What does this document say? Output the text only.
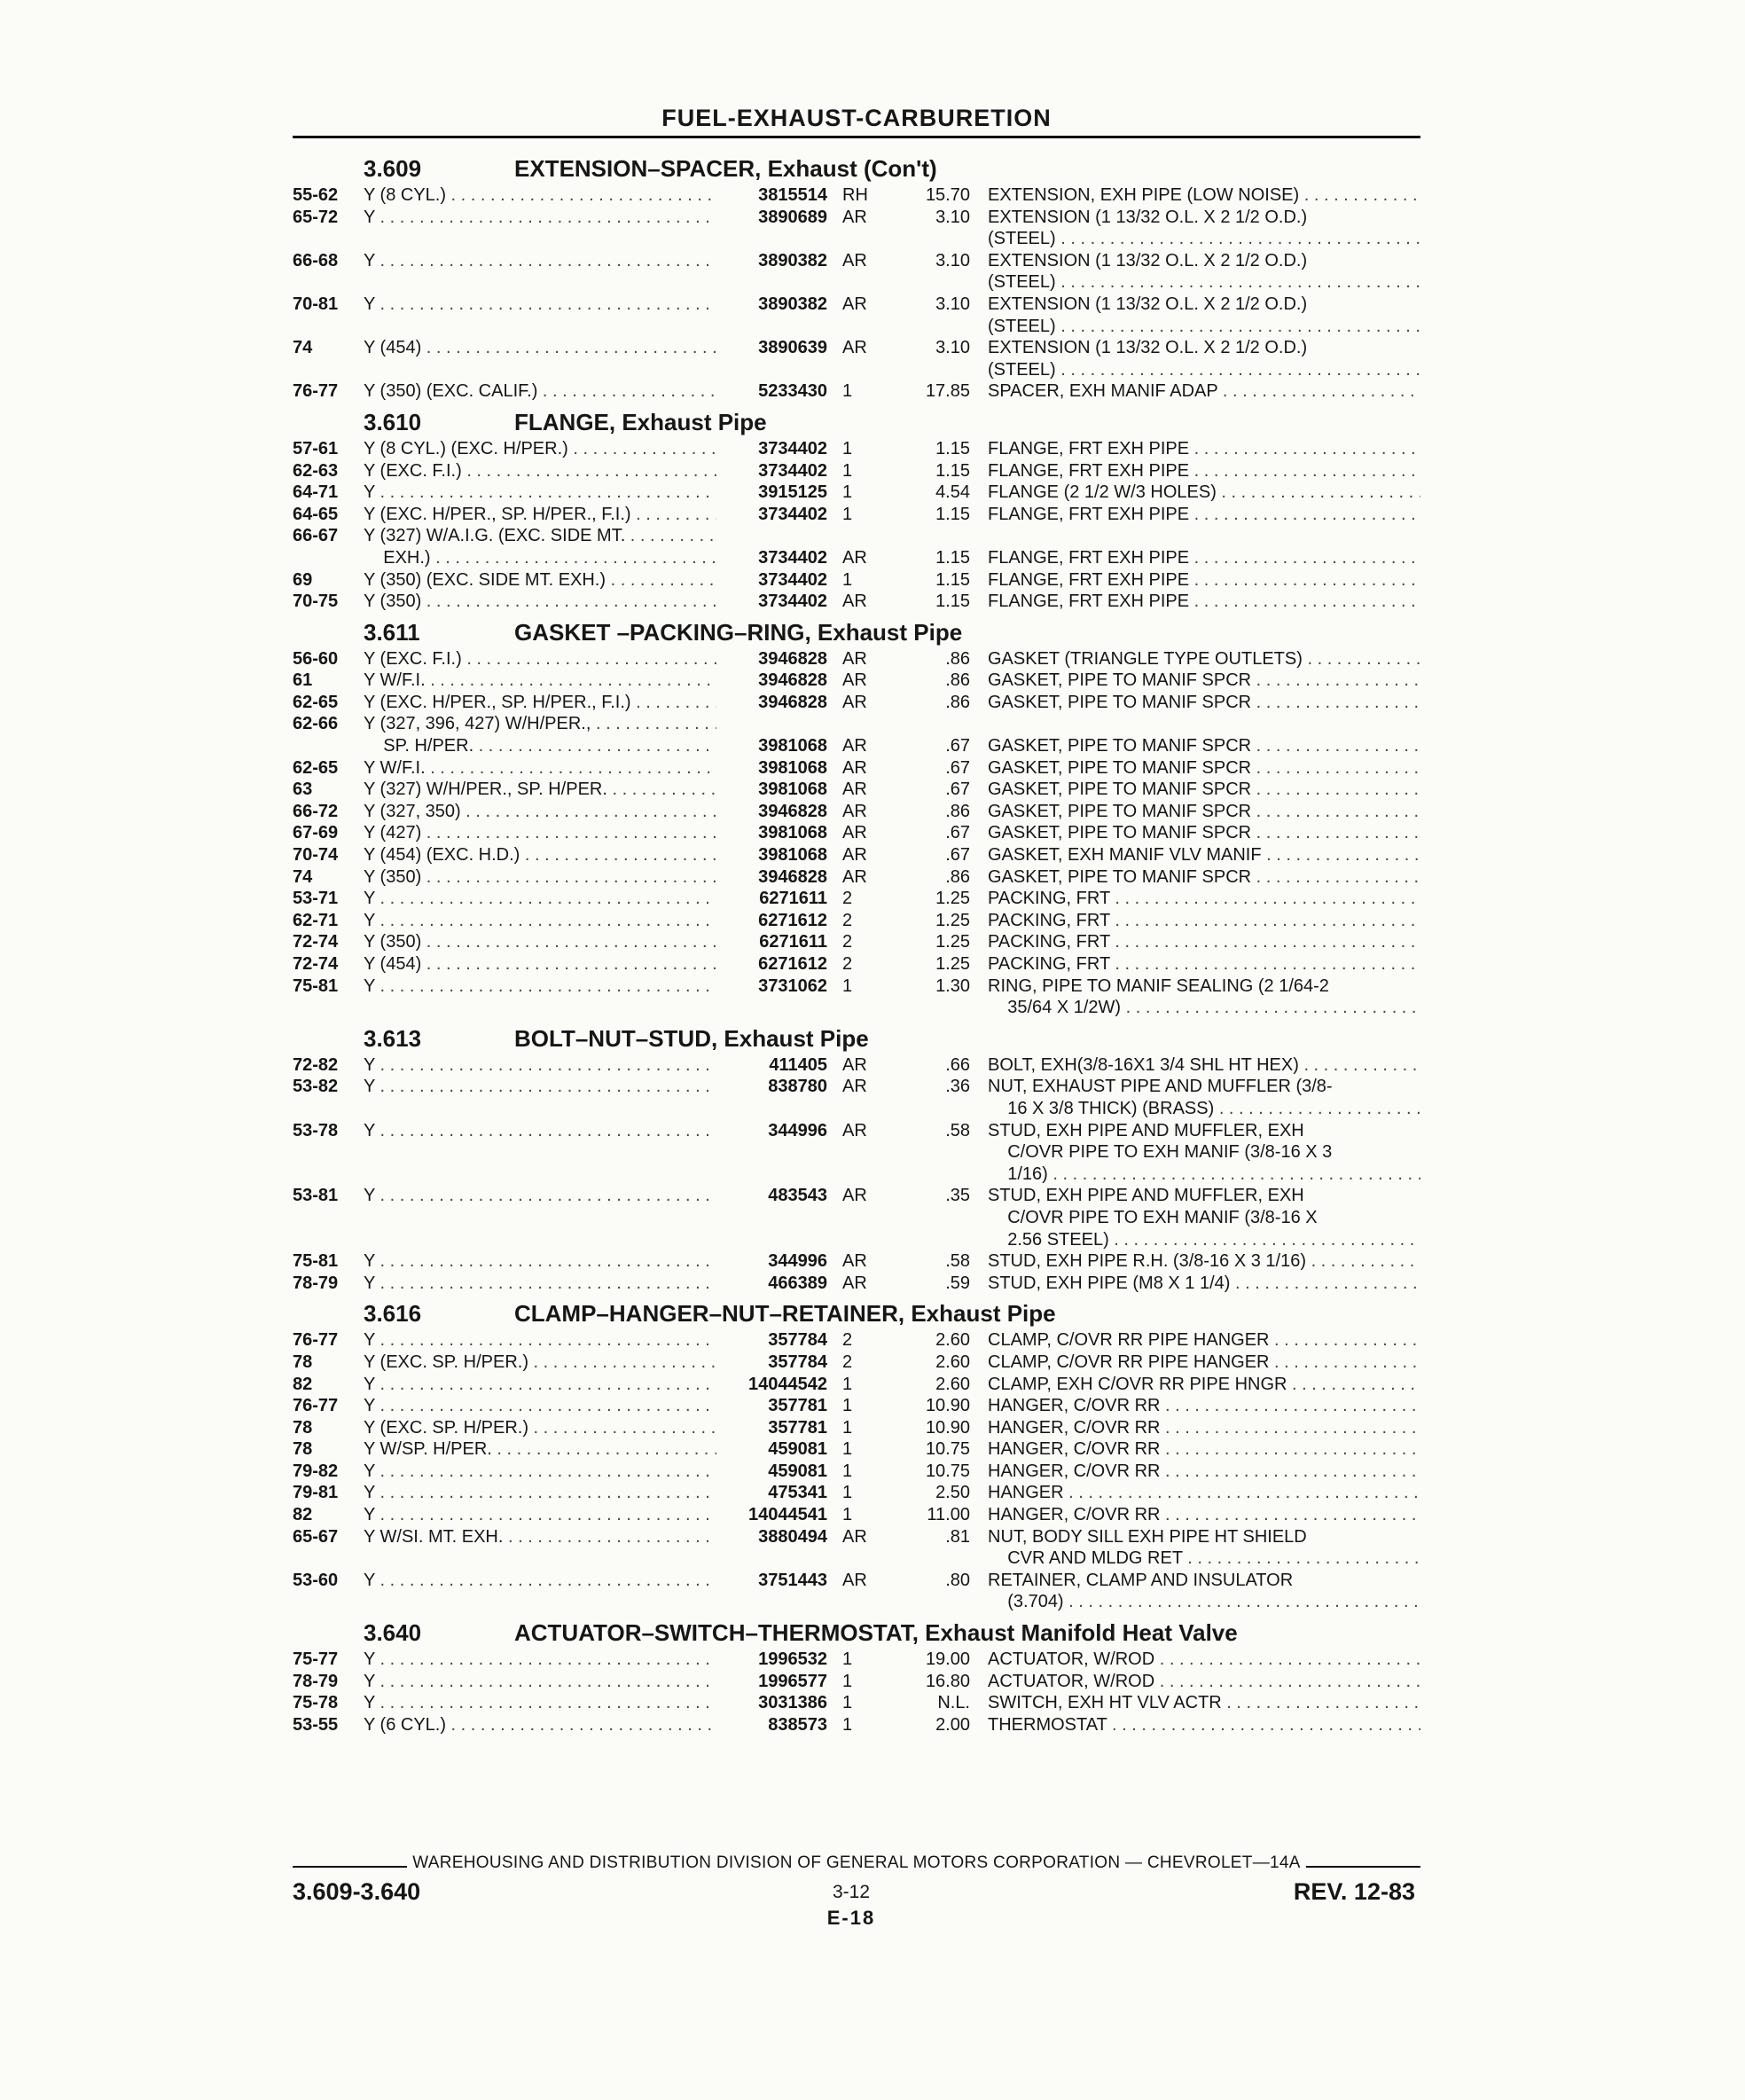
FUEL-EXHAUST-CARBURETION
3.609	EXTENSION–SPACER, Exhaust (Con't)
55-62	Y (8 CYL.) . . .	3815514 RH	15.70 EXTENSION, EXH PIPE (LOW NOISE) . . .
65-72	Y . . .	3890689 AR	3.10 EXTENSION (1 13/32 O.L. X 2 1/2 O.D.)
(STEEL) . . .
66-68	Y . . .	3890382 AR	3.10 EXTENSION (1 13/32 O.L. X 2 1/2 O.D.)
(STEEL) . . .
70-81	Y . . .	3890382 AR	3.10 EXTENSION (1 13/32 O.L. X 2 1/2 O.D.)
(STEEL) . . .
74	Y (454) . . .	3890639 AR	3.10 EXTENSION (1 13/32 O.L. X 2 1/2 O.D.)
(STEEL) . . .
76-77	Y (350) (EXC. CALIF.) . . .	5233430 1	17.85 SPACER, EXH MANIF ADAP . . .
3.610	FLANGE, Exhaust Pipe
57-61	Y (8 CYL.) (EXC. H/PER.) . . .	3734402 1	1.15 FLANGE, FRT EXH PIPE . . .
62-63	Y (EXC. F.I.) . . .	3734402 1	1.15 FLANGE, FRT EXH PIPE . . .
64-71	Y . . .	3915125 1	4.54 FLANGE (2 1/2 W/3 HOLES) . . .
64-65	Y (EXC. H/PER., SP. H/PER., F.I.) . . .	3734402 1	1.15 FLANGE, FRT EXH PIPE . . .
66-67	Y (327) W/A.I.G. (EXC. SIDE MT. . . .
EXH.) . . .	3734402 AR	1.15 FLANGE, FRT EXH PIPE . . .
69	Y (350) (EXC. SIDE MT. EXH.) . . .	3734402 1	1.15 FLANGE, FRT EXH PIPE . . .
70-75	Y (350) . . .	3734402 AR	1.15 FLANGE, FRT EXH PIPE . . .
3.611	GASKET –PACKING–RING, Exhaust Pipe
56-60	Y (EXC. F.I.) . . .	3946828 AR	.86 GASKET (TRIANGLE TYPE OUTLETS) . . .
61	Y W/F.I. . . .	3946828 AR	.86 GASKET, PIPE TO MANIF SPCR . . .
62-65	Y (EXC. H/PER., SP. H/PER., F.I.) . . .	3946828 AR	.86 GASKET, PIPE TO MANIF SPCR . . .
62-66	Y (327, 396, 427) W/H/PER., . . .
SP. H/PER. . . .	3981068 AR	.67 GASKET, PIPE TO MANIF SPCR . . .
62-65	Y W/F.I. . . .	3981068 AR	.67 GASKET, PIPE TO MANIF SPCR . . .
63	Y (327) W/H/PER., SP. H/PER. . . .	3981068 AR	.67 GASKET, PIPE TO MANIF SPCR . . .
66-72	Y (327, 350) . . .	3946828 AR	.86 GASKET, PIPE TO MANIF SPCR . . .
67-69	Y (427) . . .	3981068 AR	.67 GASKET, PIPE TO MANIF SPCR . . .
70-74	Y (454) (EXC. H.D.) . . .	3981068 AR	.67 GASKET, EXH MANIF VLV MANIF . . .
74	Y (350) . . .	3946828 AR	.86 GASKET, PIPE TO MANIF SPCR . . .
53-71	Y . . .	6271611 2	1.25 PACKING, FRT . . .
62-71	Y . . .	6271612 2	1.25 PACKING, FRT . . .
72-74	Y (350) . . .	6271611 2	1.25 PACKING, FRT . . .
72-74	Y (454) . . .	6271612 2	1.25 PACKING, FRT . . .
75-81	Y . . .	3731062 1	1.30 RING, PIPE TO MANIF SEALING (2 1/64-2
35/64 X 1/2W) . . .
3.613	BOLT–NUT–STUD, Exhaust Pipe
72-82	Y . . .	411405 AR	.66 BOLT, EXH(3/8-16X1 3/4 SHL HT HEX) . . .
53-82	Y . . .	838780 AR	.36 NUT, EXHAUST PIPE AND MUFFLER (3/8-
16 X 3/8 THICK) (BRASS) . . .
53-78	Y . . .	344996 AR	.58 STUD, EXH PIPE AND MUFFLER, EXH
C/OVR PIPE TO EXH MANIF (3/8-16 X 3
1/16) . . .
53-81	Y . . .	483543 AR	.35 STUD, EXH PIPE AND MUFFLER, EXH
C/OVR PIPE TO EXH MANIF (3/8-16 X
2.56 STEEL) . . .
75-81	Y . . .	344996 AR	.58 STUD, EXH PIPE R.H. (3/8-16 X 3 1/16) . . .
78-79	Y . . .	466389 AR	.59 STUD, EXH PIPE (M8 X 1 1/4) . . .
3.616	CLAMP–HANGER–NUT–RETAINER, Exhaust Pipe
76-77	Y . . .	357784 2	2.60 CLAMP, C/OVR RR PIPE HANGER . . .
78	Y (EXC. SP. H/PER.) . . .	357784 2	2.60 CLAMP, C/OVR RR PIPE HANGER . . .
82	Y . . .	14044542 1	2.60 CLAMP, EXH C/OVR RR PIPE HNGR . . .
76-77	Y . . .	357781 1	10.90 HANGER, C/OVR RR . . .
78	Y (EXC. SP. H/PER.) . . .	357781 1	10.90 HANGER, C/OVR RR . . .
78	Y W/SP. H/PER. . . .	459081 1	10.75 HANGER, C/OVR RR . . .
79-82	Y . . .	459081 1	10.75 HANGER, C/OVR RR . . .
79-81	Y . . .	475341 1	2.50 HANGER . . .
82	Y . . .	14044541 1	11.00 HANGER, C/OVR RR . . .
65-67	Y W/SI. MT. EXH. . . .	3880494 AR	.81 NUT, BODY SILL EXH PIPE HT SHIELD
CVR AND MLDG RET . . .
53-60	Y . . .	3751443 AR	.80 RETAINER, CLAMP AND INSULATOR
(3.704) . . .
3.640	ACTUATOR–SWITCH–THERMOSTAT, Exhaust Manifold Heat Valve
75-77	Y . . .	1996532 1	19.00 ACTUATOR, W/ROD . . .
78-79	Y . . .	1996577 1	16.80 ACTUATOR, W/ROD . . .
75-78	Y . . .	3031386 1	N.L. SWITCH, EXH HT VLV ACTR . . .
53-55	Y (6 CYL.) . . .	838573 1	2.00 THERMOSTAT . . .
WAREHOUSING AND DISTRIBUTION DIVISION OF GENERAL MOTORS CORPORATION — CHEVROLET—14A
3.609-3.640	3-12	REV. 12-83
E-18
